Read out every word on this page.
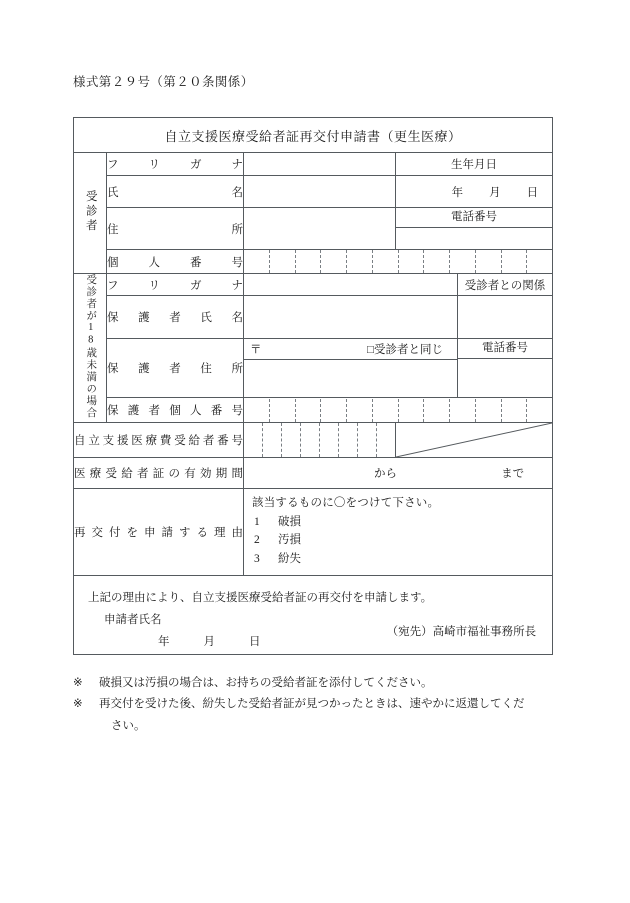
様式第２９号（第２０条関係）
自立支援医療受給者証再交付申請書（更生医療）				
受診者	フ リ ガ ナ		生年月日	

	氏 名		年 月 日	

	住 所		電話番号	

	個 人 番 号			

受診者が18歳未満の場合	フ リ ガ ナ			受診者との関係

	保 護 者 氏 名			

	保 護 者 住 所	〒 □受診者と同じ		電話番号

保 護 者 個 人 番 号

自 立 支 援 医 療 費 受 給 者 番 号

医 療 受 給 者 証 の 有 効 期 間	から	まで

再 交 付 を 申 請 す る 理 由

該当するものに〇をつけて下さい。
1 破損
2 汚損
3 紛失

上記の理由により、自立支援医療受給者証の再交付を申請します。
申請者氏名
年 月 日
（宛先）高崎市福祉事務所長				
※	破損又は汚損の場合は、お持ちの受給者証を添付してください。
※	再交付を受けた後、紛失した受給者証が見つかったときは、速やかに返還してくだ
さい。
